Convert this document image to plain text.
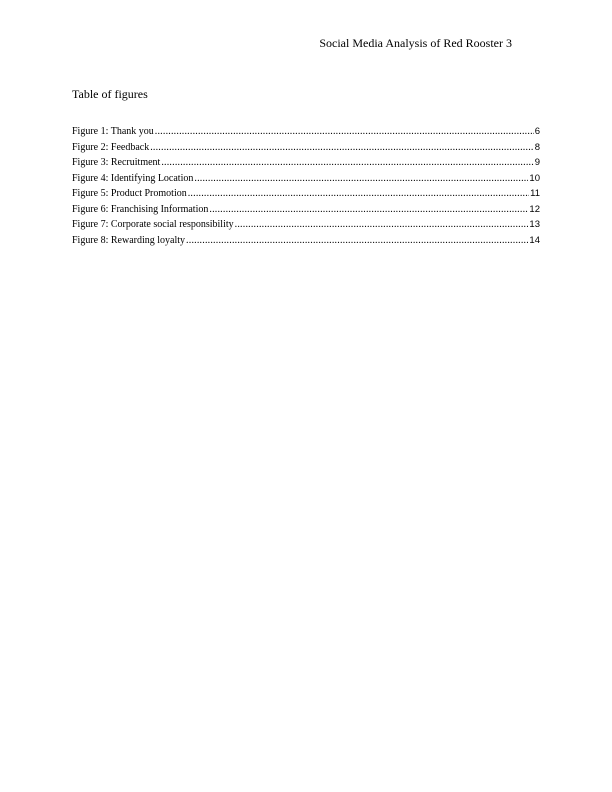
Social Media Analysis of Red Rooster 3
Table of figures
Figure 1: Thank you .....	6
Figure 2: Feedback .....	8
Figure 3: Recruitment .....	9
Figure 4: Identifying Location .....	10
Figure 5: Product Promotion .....	11
Figure 6: Franchising Information .....	12
Figure 7: Corporate social responsibility .....	13
Figure 8: Rewarding loyalty .....	14
